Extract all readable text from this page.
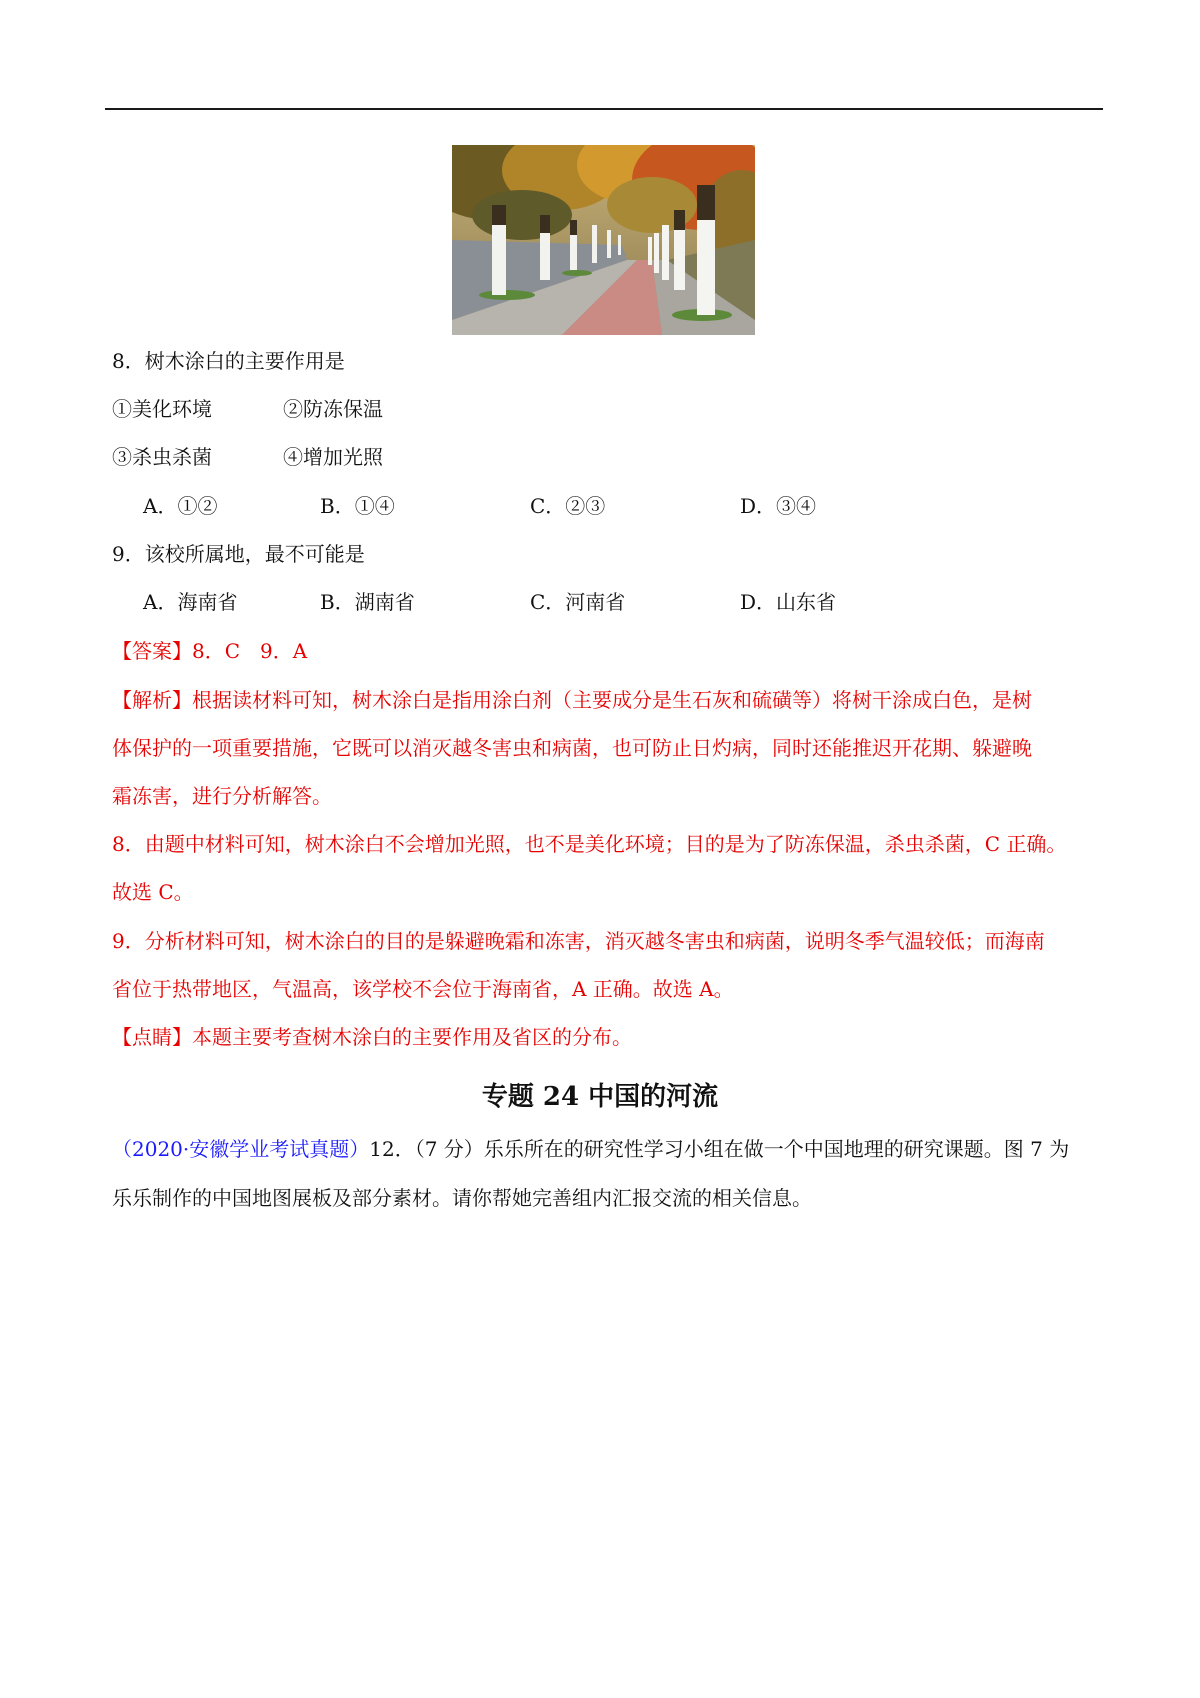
8．树木涂白的主要作用是
①美化环境	②防冻保温
③杀虫杀菌	④增加光照
A．①②	B．①④	C．②③	D．③④
9．该校所属地，最不可能是
A．海南省	B．湖南省	C．河南省	D．山东省
【答案】8．C　9．A
【解析】根据读材料可知，树木涂白是指用涂白剂（主要成分是生石灰和硫磺等）将树干涂成白色，是树
体保护的一项重要措施，它既可以消灭越冬害虫和病菌，也可防止日灼病，同时还能推迟开花期、躲避晚
霜冻害，进行分析解答。
8．由题中材料可知，树木涂白不会增加光照，也不是美化环境；目的是为了防冻保温，杀虫杀菌，C 正确。
故选 C。
9．分析材料可知，树木涂白的目的是躲避晚霜和冻害，消灭越冬害虫和病菌，说明冬季气温较低；而海南
省位于热带地区，气温高，该学校不会位于海南省，A 正确。故选 A。
【点睛】本题主要考查树木涂白的主要作用及省区的分布。
专题 24 中国的河流
（2020·安徽学业考试真题）12．（7 分）乐乐所在的研究性学习小组在做一个中国地理的研究课题。图 7 为
乐乐制作的中国地图展板及部分素材。请你帮她完善组内汇报交流的相关信息。
